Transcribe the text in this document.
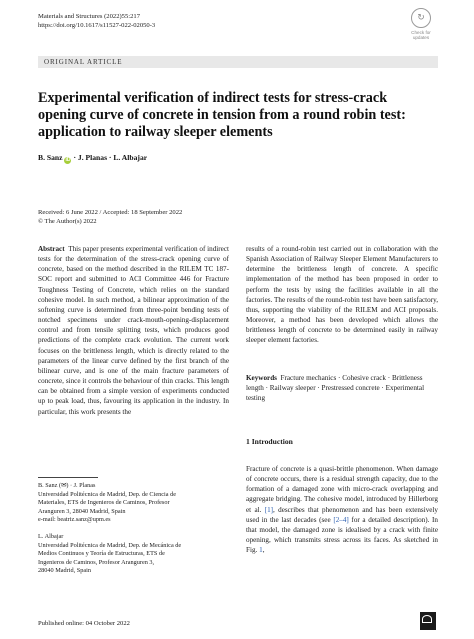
Materials and Structures (2022)55:217
https://doi.org/10.1617/s11527-022-02050-3
↻
Check for
updates
ORIGINAL ARTICLE
Experimental verification of indirect tests for stress-crack opening curve of concrete in tension from a round robin test: application to railway sleeper elements
B. Sanz iD · J. Planas · L. Albajar
Received: 6 June 2022 / Accepted: 18 September 2022
© The Author(s) 2022

Abstract This paper presents experimental verification of indirect tests for the determination of the stress-crack opening curve of concrete, based on the method described in the RILEM TC 187-SOC report and submitted to ACI Committee 446 for Fracture Toughness Testing of Concrete, which relies on the standard cohesive model. In such method, a bilinear approximation of the softening curve is determined from three-point bending tests of notched specimens under crack-mouth-opening-displacement control and from tensile splitting tests, which produces good predictions of the complete crack evolution. The current work focuses on the brittleness length, which is directly related to the parameters of the linear curve defined by the first branch of the bilinear curve, and is one of the main fracture parameters of concrete, since it controls the behaviour of thin cracks. This length can be obtained from a simple version of experiments conducted up to peak load, thus, favouring its application in the industry. In particular, this work presents the

results of a round-robin test carried out in collaboration with the Spanish Association of Railway Sleeper Element Manufacturers to determine the brittleness length of concrete. A specific implementation of the method has been proposed in order to perform the tests by using the facilities available in all the factories. The results of the round-robin test have been satisfactory, thus, supporting the viability of the RILEM and ACI proposals. Moreover, a method has been developed which allows the brittleness length of concrete to be determined easily in railway sleeper element factories.

Keywords Fracture mechanics · Cohesive crack · Brittleness length · Railway sleeper · Prestressed concrete · Experimental testing
1 Introduction

Fracture of concrete is a quasi-brittle phenomenon. When damage of concrete occurs, there is a residual strength capacity, due to the formation of a damaged zone with micro-crack overlapping and aggregate bridging. The cohesive model, introduced by Hillerborg et al. [1], describes that phenomenon and has been extensively used in the last decades (see [2–4] for a detailed description). In that model, the damaged zone is idealised by a crack with finite opening, which transmits stress across its faces. As sketched in Fig. 1,

B. Sanz (✉) · J. Planas
Universidad Politécnica de Madrid, Dep. de Ciencia de
Materiales, ETS de Ingenieros de Caminos, Profesor
Aranguren 3, 28040 Madrid, Spain
e-mail: beatriz.sanz@upm.es
L. Albajar
Universidad Politécnica de Madrid, Dep. de Mecánica de
Medios Continuos y Teoría de Estructuras, ETS de
Ingenieros de Caminos, Profesor Aranguren 3,
28040 Madrid, Spain
Published online: 04 October 2022
